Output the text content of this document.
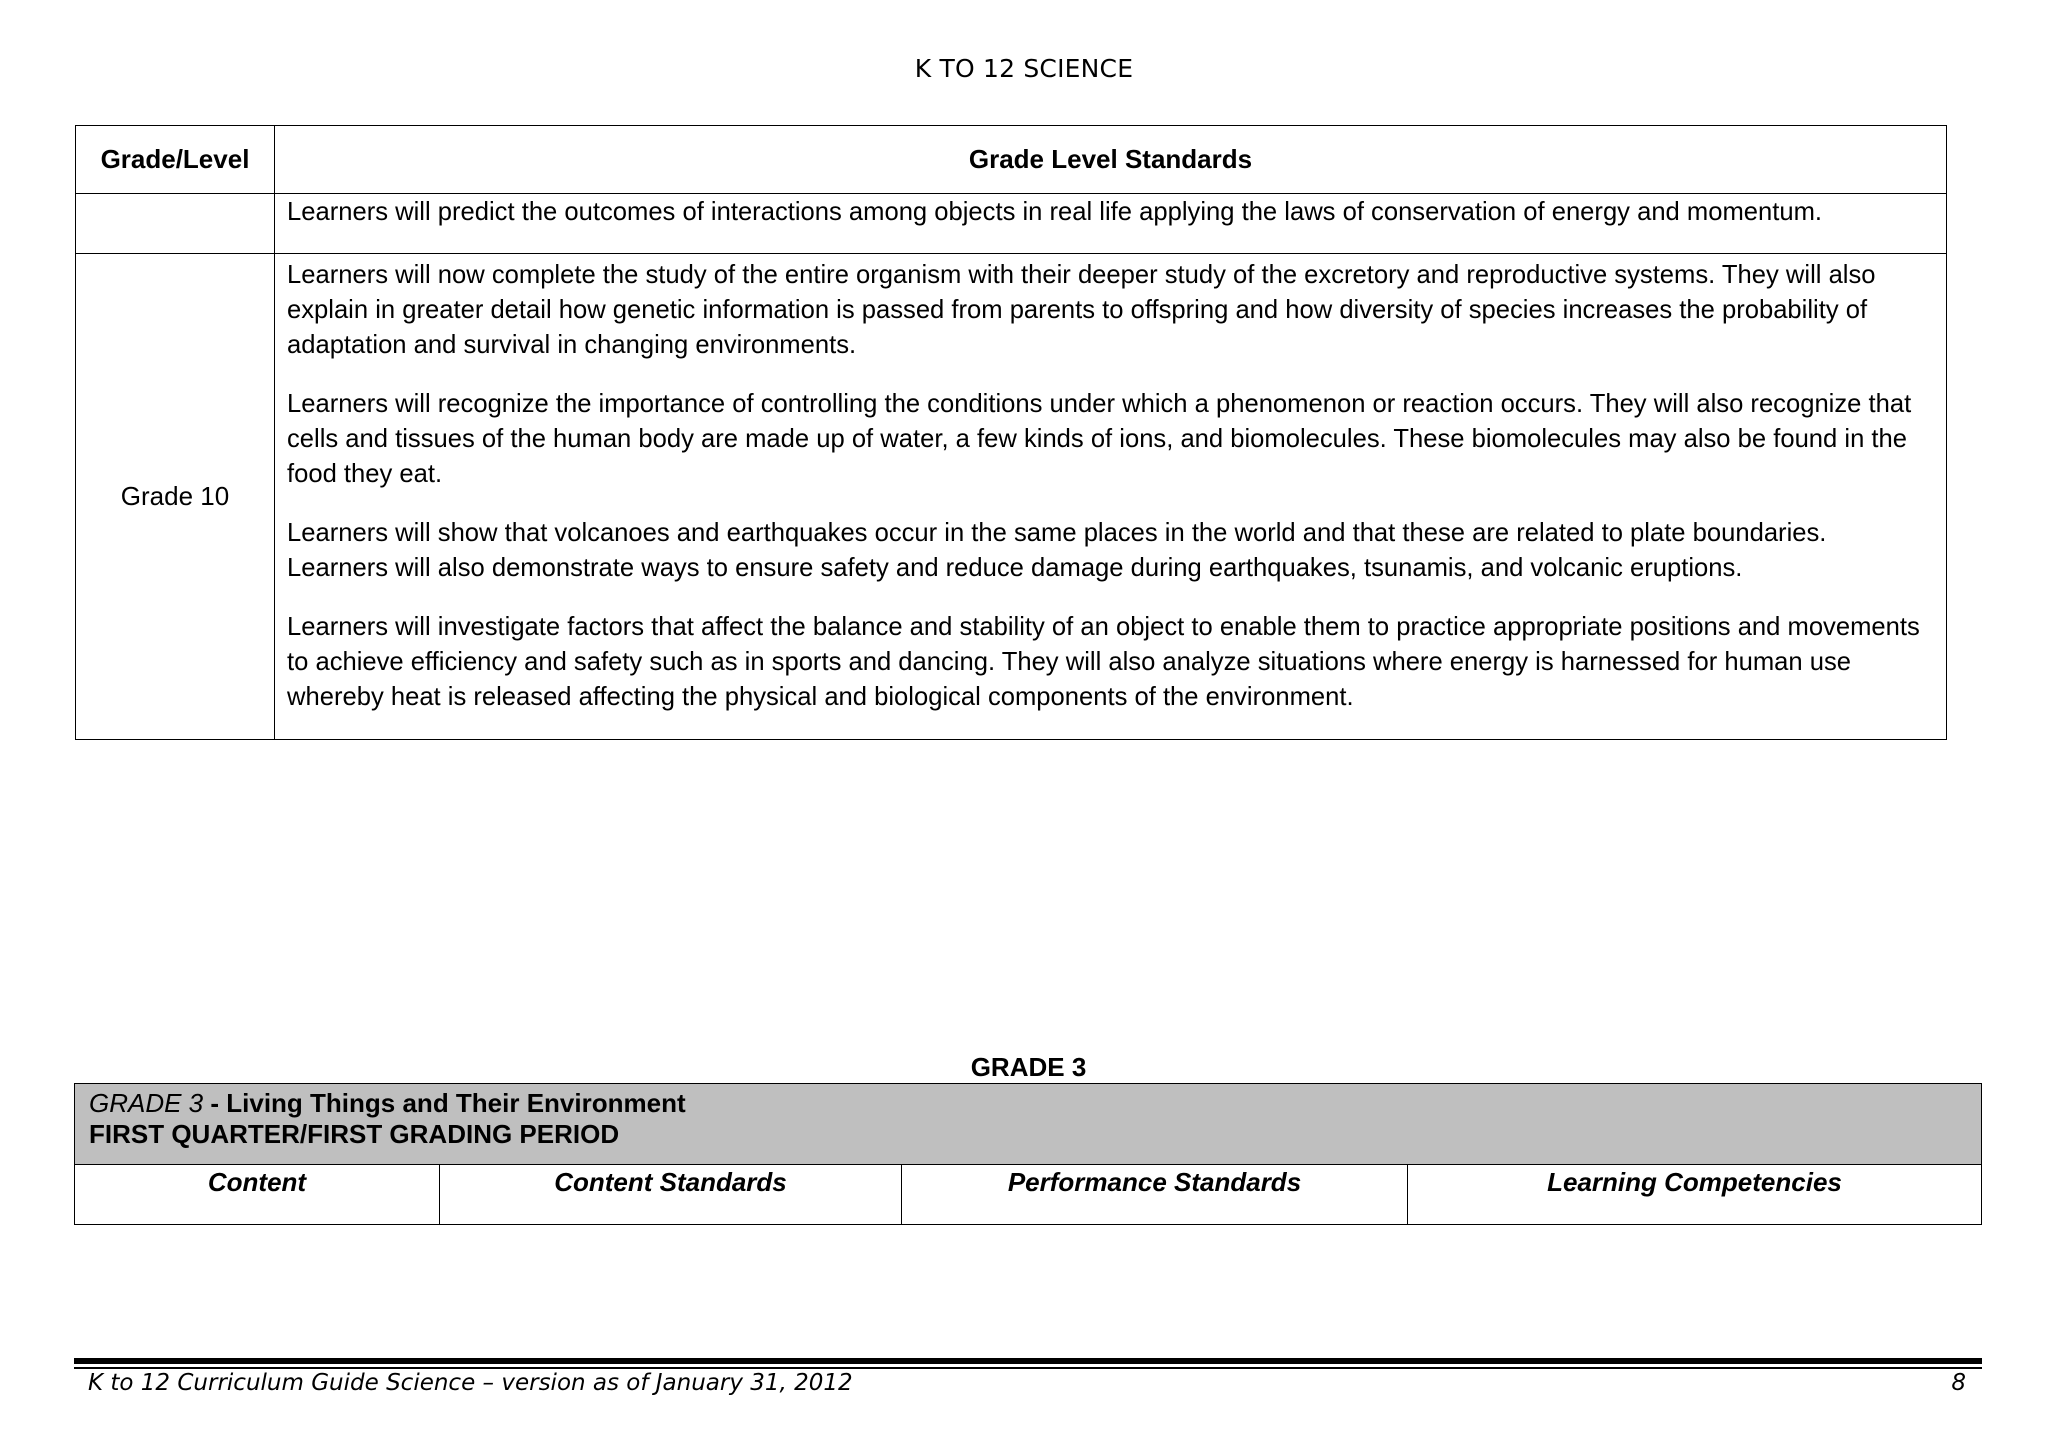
K TO 12 SCIENCE
Grade/Level	Grade Level Standards
	Learners will predict the outcomes of interactions among objects in real life applying the laws of conservation of energy and momentum.
Grade 10	Learners will now complete the study of the entire organism with their deeper study of the excretory and reproductive systems. They will also explain in greater detail how genetic information is passed from parents to offspring and how diversity of species increases the probability of adaptation and survival in changing environments.

Learners will recognize the importance of controlling the conditions under which a phenomenon or reaction occurs. They will also recognize that cells and tissues of the human body are made up of water, a few kinds of ions, and biomolecules. These biomolecules may also be found in the food they eat.

Learners will show that volcanoes and earthquakes occur in the same places in the world and that these are related to plate boundaries. Learners will also demonstrate ways to ensure safety and reduce damage during earthquakes, tsunamis, and volcanic eruptions.

Learners will investigate factors that affect the balance and stability of an object to enable them to practice appropriate positions and movements to achieve efficiency and safety such as in sports and dancing. They will also analyze situations where energy is harnessed for human use whereby heat is released affecting the physical and biological components of the environment.

GRADE 3
GRADE 3 - Living Things and Their Environment
FIRST QUARTER/FIRST GRADING PERIOD

Content	Content Standards	Performance Standards	Learning Competencies
K to 12 Curriculum Guide Science – version as of January 31, 2012	8
